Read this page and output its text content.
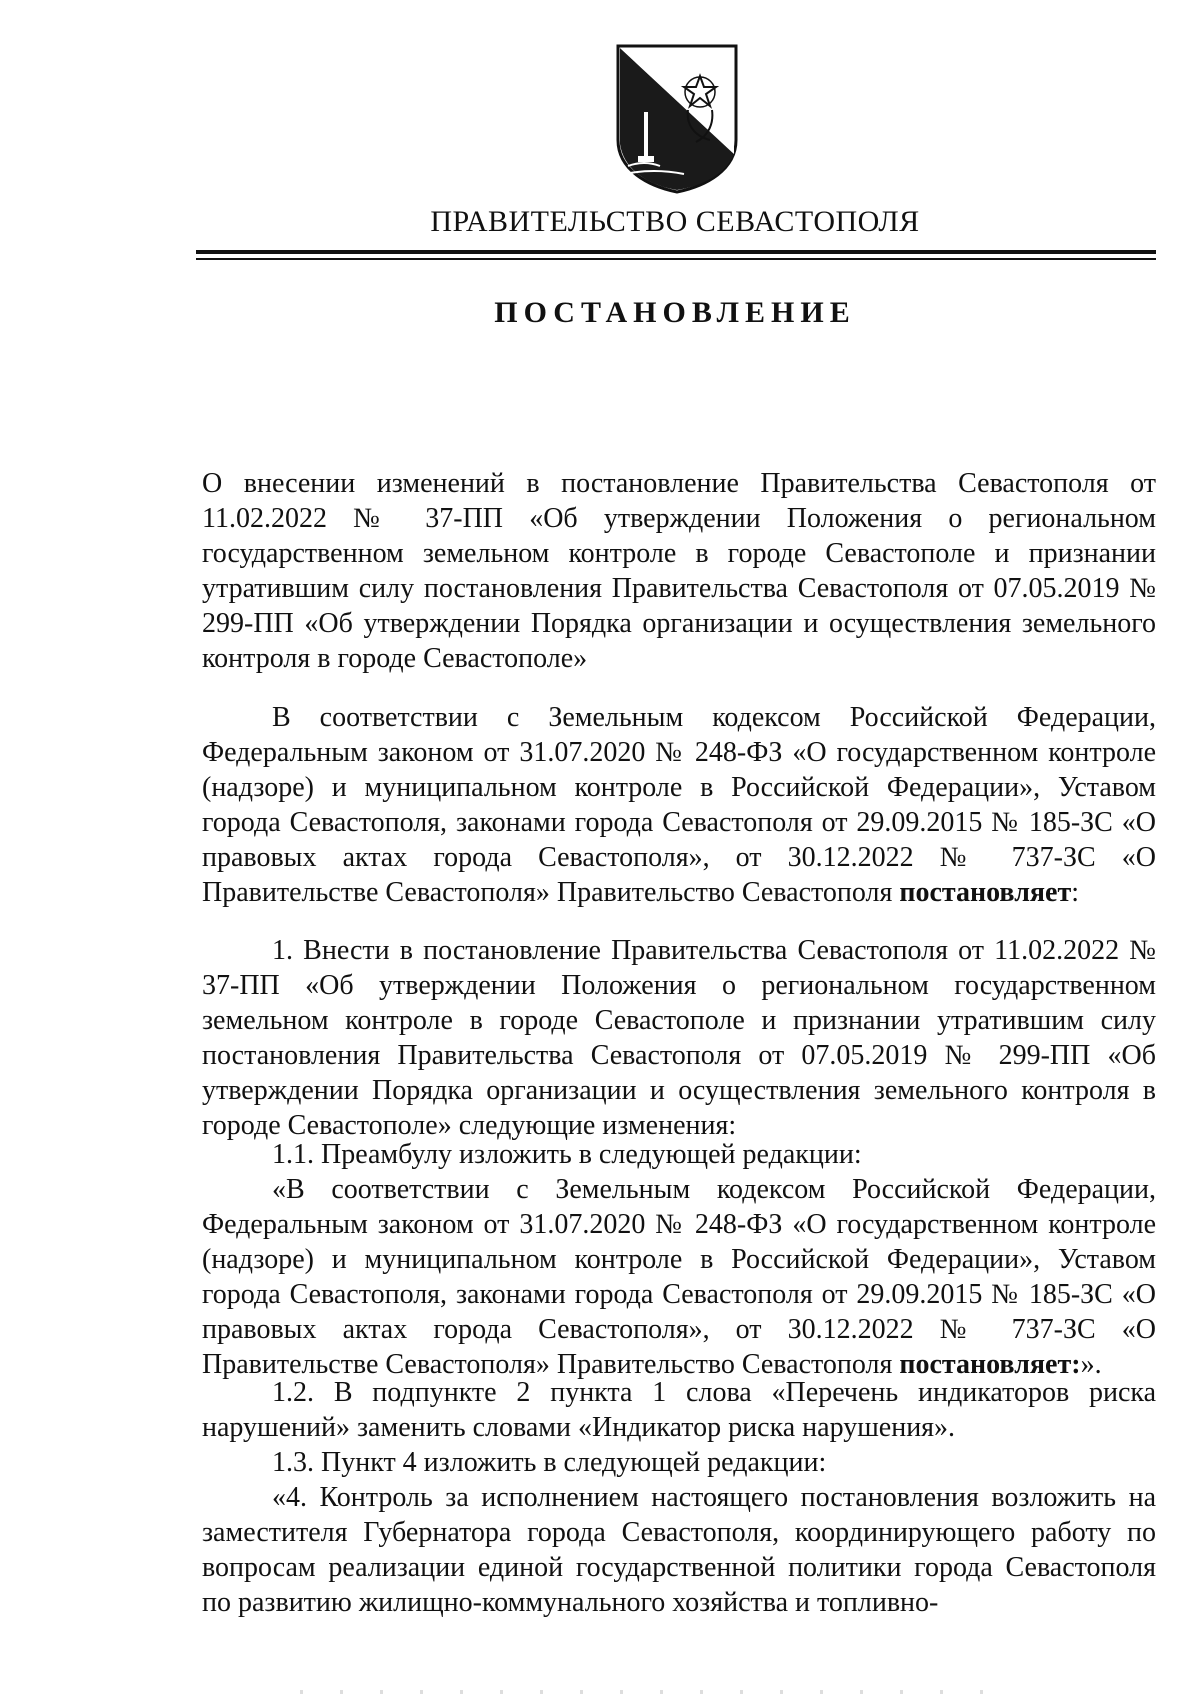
ПРАВИТЕЛЬСТВО СЕВАСТОПОЛЯ
ПОСТАНОВЛЕНИЕ
О внесении изменений в постановление Правительства Севастополя от 11.02.2022 № 37-ПП «Об утверждении Положения о региональном государственном земельном контроле в городе Севастополе и признании утратившим силу постановления Правительства Севастополя от 07.05.2019 № 299-ПП «Об утверждении Порядка организации и осуществления земельного контроля в городе Севастополе»
В соответствии с Земельным кодексом Российской Федерации, Федеральным законом от 31.07.2020 № 248-ФЗ «О государственном контроле (надзоре) и муниципальном контроле в Российской Федерации», Уставом города Севастополя, законами города Севастополя от 29.09.2015 № 185-ЗС «О правовых актах города Севастополя», от 30.12.2022 № 737-ЗС «О Правительстве Севастополя» Правительство Севастополя постановляет:
1. Внести в постановление Правительства Севастополя от 11.02.2022 № 37-ПП «Об утверждении Положения о региональном государственном земельном контроле в городе Севастополе и признании утратившим силу постановления Правительства Севастополя от 07.05.2019 № 299-ПП «Об утверждении Порядка организации и осуществления земельного контроля в городе Севастополе» следующие изменения:
1.1. Преамбулу изложить в следующей редакции:
«В соответствии с Земельным кодексом Российской Федерации, Федеральным законом от 31.07.2020 № 248-ФЗ «О государственном контроле (надзоре) и муниципальном контроле в Российской Федерации», Уставом города Севастополя, законами города Севастополя от 29.09.2015 № 185-ЗС «О правовых актах города Севастополя», от 30.12.2022 № 737-ЗС «О Правительстве Севастополя» Правительство Севастополя постановляет:».
1.2. В подпункте 2 пункта 1 слова «Перечень индикаторов риска нарушений» заменить словами «Индикатор риска нарушения».
1.3. Пункт 4 изложить в следующей редакции:
«4. Контроль за исполнением настоящего постановления возложить на заместителя Губернатора города Севастополя, координирующего работу по вопросам реализации единой государственной политики города Севастополя по развитию жилищно-коммунального хозяйства и топливно-
